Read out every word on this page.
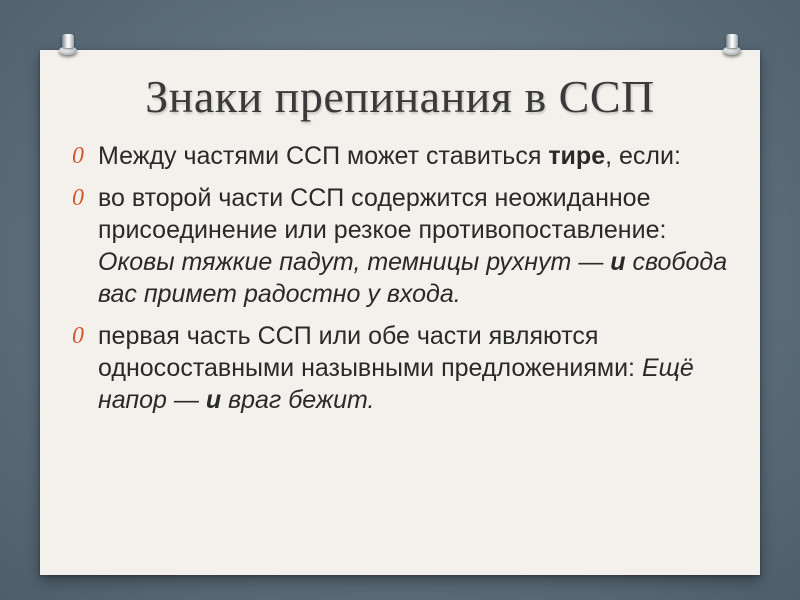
Знаки препинания в ССП
0 Между частями ССП может ставиться тире, если:
0 во второй части ССП содержится неожиданное присоединение или резкое противопоставление: Оковы тяжкие падут, темницы рухнут — и свобода вас примет радостно у входа.
0 первая часть ССП или обе части являются односоставными назывными предложениями: Ещё напор — и враг бежит.
